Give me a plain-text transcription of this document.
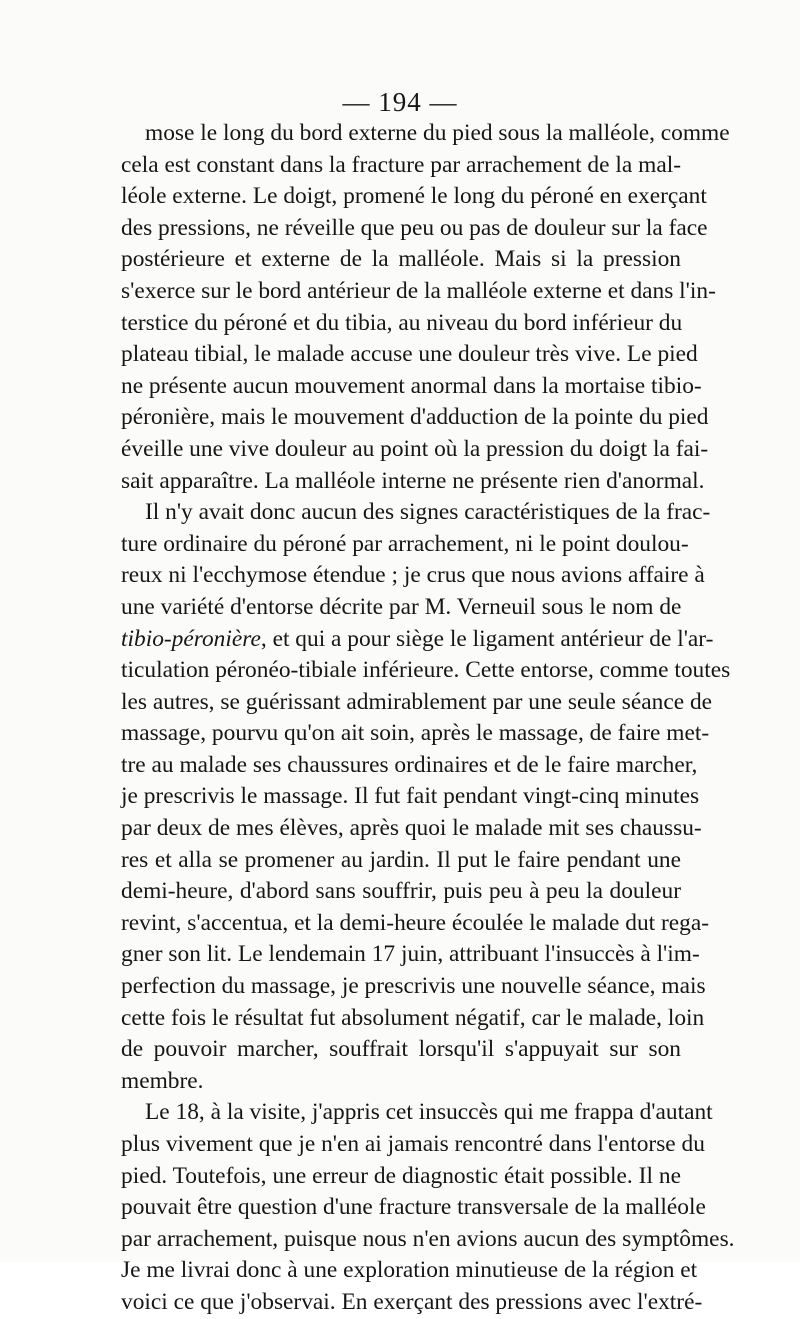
— 194 —

mose le long du bord externe du pied sous la malléole, comme
cela est constant dans la fracture par arrachement de la mal-
léole externe. Le doigt, promené le long du péroné en exerçant
des pressions, ne réveille que peu ou pas de douleur sur la face
postérieure et externe de la malléole. Mais si la pression
s'exerce sur le bord antérieur de la malléole externe et dans l'in-
terstice du péroné et du tibia, au niveau du bord inférieur du
plateau tibial, le malade accuse une douleur très vive. Le pied
ne présente aucun mouvement anormal dans la mortaise tibio-
péronière, mais le mouvement d'adduction de la pointe du pied
éveille une vive douleur au point où la pression du doigt la fai-
sait apparaître. La malléole interne ne présente rien d'anormal.

Il n'y avait donc aucun des signes caractéristiques de la frac-
ture ordinaire du péroné par arrachement, ni le point doulou-
reux ni l'ecchymose étendue ; je crus que nous avions affaire à
une variété d'entorse décrite par M. Verneuil sous le nom de
tibio-péronière, et qui a pour siège le ligament antérieur de l'ar-
ticulation péronéo-tibiale inférieure. Cette entorse, comme toutes
les autres, se guérissant admirablement par une seule séance de
massage, pourvu qu'on ait soin, après le massage, de faire met-
tre au malade ses chaussures ordinaires et de le faire marcher,
je prescrivis le massage. Il fut fait pendant vingt-cinq minutes
par deux de mes élèves, après quoi le malade mit ses chaussu-
res et alla se promener au jardin. Il put le faire pendant une
demi-heure, d'abord sans souffrir, puis peu à peu la douleur
revint, s'accentua, et la demi-heure écoulée le malade dut rega-
gner son lit. Le lendemain 17 juin, attribuant l'insuccès à l'im-
perfection du massage, je prescrivis une nouvelle séance, mais
cette fois le résultat fut absolument négatif, car le malade, loin
de pouvoir marcher, souffrait lorsqu'il s'appuyait sur son
membre.

Le 18, à la visite, j'appris cet insuccès qui me frappa d'autant
plus vivement que je n'en ai jamais rencontré dans l'entorse du
pied. Toutefois, une erreur de diagnostic était possible. Il ne
pouvait être question d'une fracture transversale de la malléole
par arrachement, puisque nous n'en avions aucun des symptômes.
Je me livrai donc à une exploration minutieuse de la région et
voici ce que j'observai. En exerçant des pressions avec l'extré-
